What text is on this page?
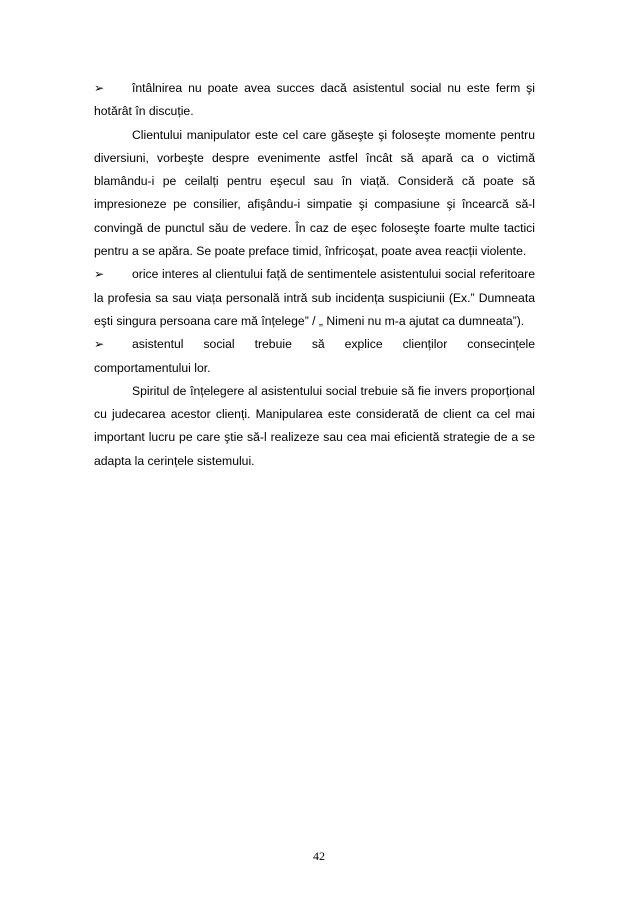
➢ întâlnirea nu poate avea succes dacă asistentul social nu este ferm şi hotărât în discuție.

Clientului manipulator este cel care găseşte şi foloseşte momente pentru diversiuni, vorbeşte despre evenimente astfel încât să apară ca o victimă blamându-i pe ceilalți pentru eşecul sau în viață. Consideră că poate să impresioneze pe consilier, afişându-i simpatie şi compasiune şi încearcă să-l convingă de punctul său de vedere. În caz de eşec foloseşte foarte multe tactici pentru a se apăra. Se poate preface timid, înfricoşat, poate avea reacții violente.

➢ orice interes al clientului față de sentimentele asistentului social referitoare la profesia sa sau viața personală intră sub incidența suspiciunii (Ex.” Dumneata eşti singura persoana care mă înțelege” / „ Nimeni nu m-a ajutat ca dumneata”).

➢ asistentul social trebuie să explice clienților consecințele comportamentului lor.

Spiritul de înțelegere al asistentului social trebuie să fie invers proporțional cu judecarea acestor clienți. Manipularea este considerată de client ca cel mai important lucru pe care ştie să-l realizeze sau cea mai eficientă strategie de a se adapta la cerințele sistemului.

42
